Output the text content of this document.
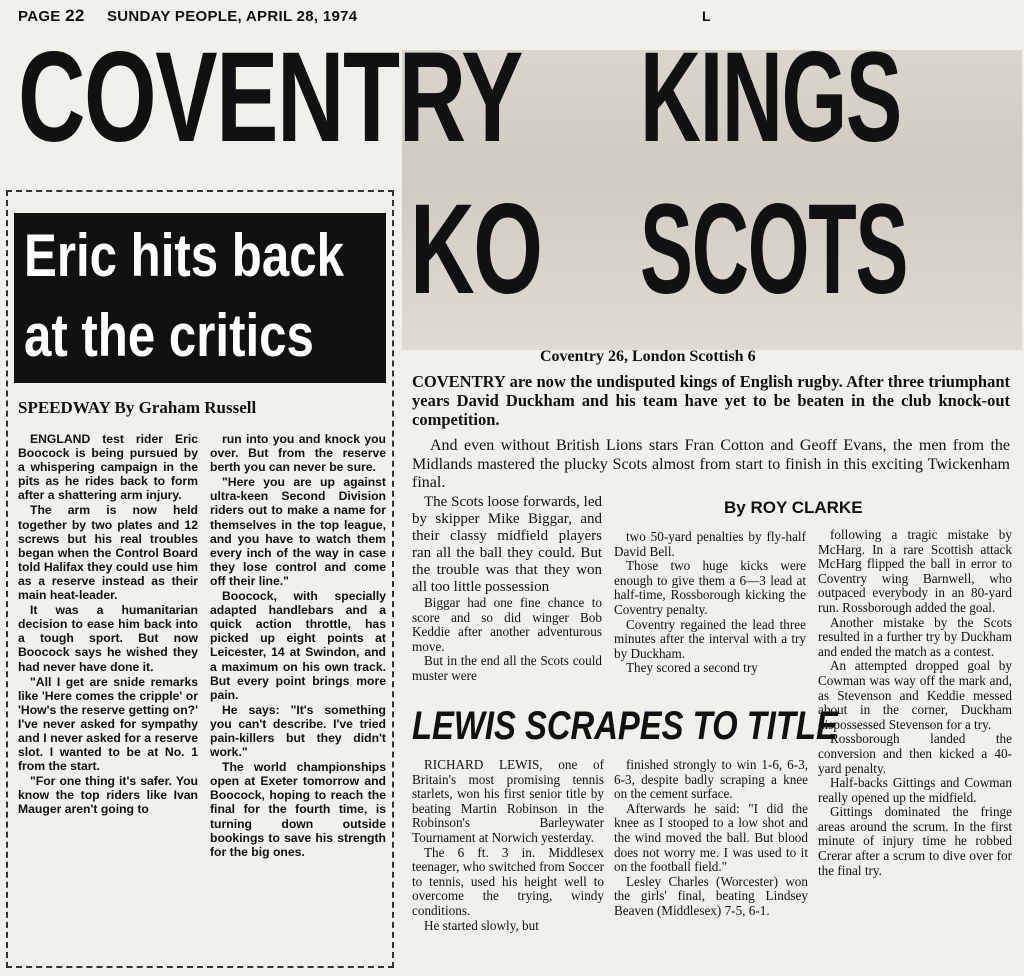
PAGE 22 SUNDAY PEOPLE, APRIL 28, 1974	L
COVENTRY KINGS
KO SCOTS
Eric hits back
at the critics
SPEEDWAY By Graham Russell

ENGLAND test rider Eric Boocock is being pursued by a whispering campaign in the pits as he rides back to form after a shattering arm injury.

The arm is now held together by two plates and 12 screws but his real troubles began when the Control Board told Halifax they could use him as a reserve instead as their main heat-leader.

It was a humanitarian decision to ease him back into a tough sport. But now Boocock says he wished they had never have done it.

"All I get are snide remarks like 'Here comes the cripple' or 'How's the reserve getting on?' I've never asked for sympathy and I never asked for a reserve slot. I wanted to be at No. 1 from the start.

"For one thing it's safer. You know the top riders like Ivan Mauger aren't going to

run into you and knock you over. But from the reserve berth you can never be sure.

"Here you are up against ultra-keen Second Division riders out to make a name for themselves in the top league, and you have to watch them every inch of the way in case they lose control and come off their line."

Boocock, with specially adapted handlebars and a quick action throttle, has picked up eight points at Leicester, 14 at Swindon, and a maximum on his own track. But every point brings more pain.

He says: "It's something you can't describe. I've tried pain-killers but they didn't work."

The world championships open at Exeter tomorrow and Boocock, hoping to reach the final for the fourth time, is turning down outside bookings to save his strength for the big ones.

Coventry 26, London Scottish 6
COVENTRY are now the undisputed kings of English rugby. After three triumphant years David Duckham and his team have yet to be beaten in the club knock-out competition.
And even without British Lions stars Fran Cotton and Geoff Evans, the men from the Midlands mastered the plucky Scots almost from start to finish in this exciting Twickenham final.
By ROY CLARKE

The Scots loose forwards, led by skipper Mike Biggar, and their classy midfield players ran all the ball they could. But the trouble was that they won all too little possession

Biggar had one fine chance to score and so did winger Bob Keddie after another adventurous move.

But in the end all the Scots could muster were

two 50-yard penalties by fly-half David Bell.

Those two huge kicks were enough to give them a 6—3 lead at half-time, Rossborough kicking the Coventry penalty.

Coventry regained the lead three minutes after the interval with a try by Duckham.

They scored a second try

following a tragic mistake by McHarg. In a rare Scottish attack McHarg flipped the ball in error to Coventry wing Barnwell, who outpaced everybody in an 80-yard run. Rossborough added the goal.

Another mistake by the Scots resulted in a further try by Duckham and ended the match as a contest.

An attempted dropped goal by Cowman was way off the mark and, as Stevenson and Keddie messed about in the corner, Duckham dispossessed Stevenson for a try.

Rossborough landed the conversion and then kicked a 40-yard penalty.

Half-backs Gittings and Cowman really opened up the midfield.

Gittings dominated the fringe areas around the scrum. In the first minute of injury time he robbed Crerar after a scrum to dive over for the final try.

LEWIS SCRAPES TO TITLE

RICHARD LEWIS, one of Britain's most promising tennis starlets, won his first senior title by beating Martin Robinson in the Robinson's Barleywater Tournament at Norwich yesterday.

The 6 ft. 3 in. Middlesex teenager, who switched from Soccer to tennis, used his height well to overcome the trying, windy conditions.

He started slowly, but

finished strongly to win 1-6, 6-3, 6-3, despite badly scraping a knee on the cement surface.

Afterwards he said: "I did the knee as I stooped to a low shot and the wind moved the ball. But blood does not worry me. I was used to it on the football field."

Lesley Charles (Worcester) won the girls' final, beating Lindsey Beaven (Middlesex) 7-5, 6-1.
